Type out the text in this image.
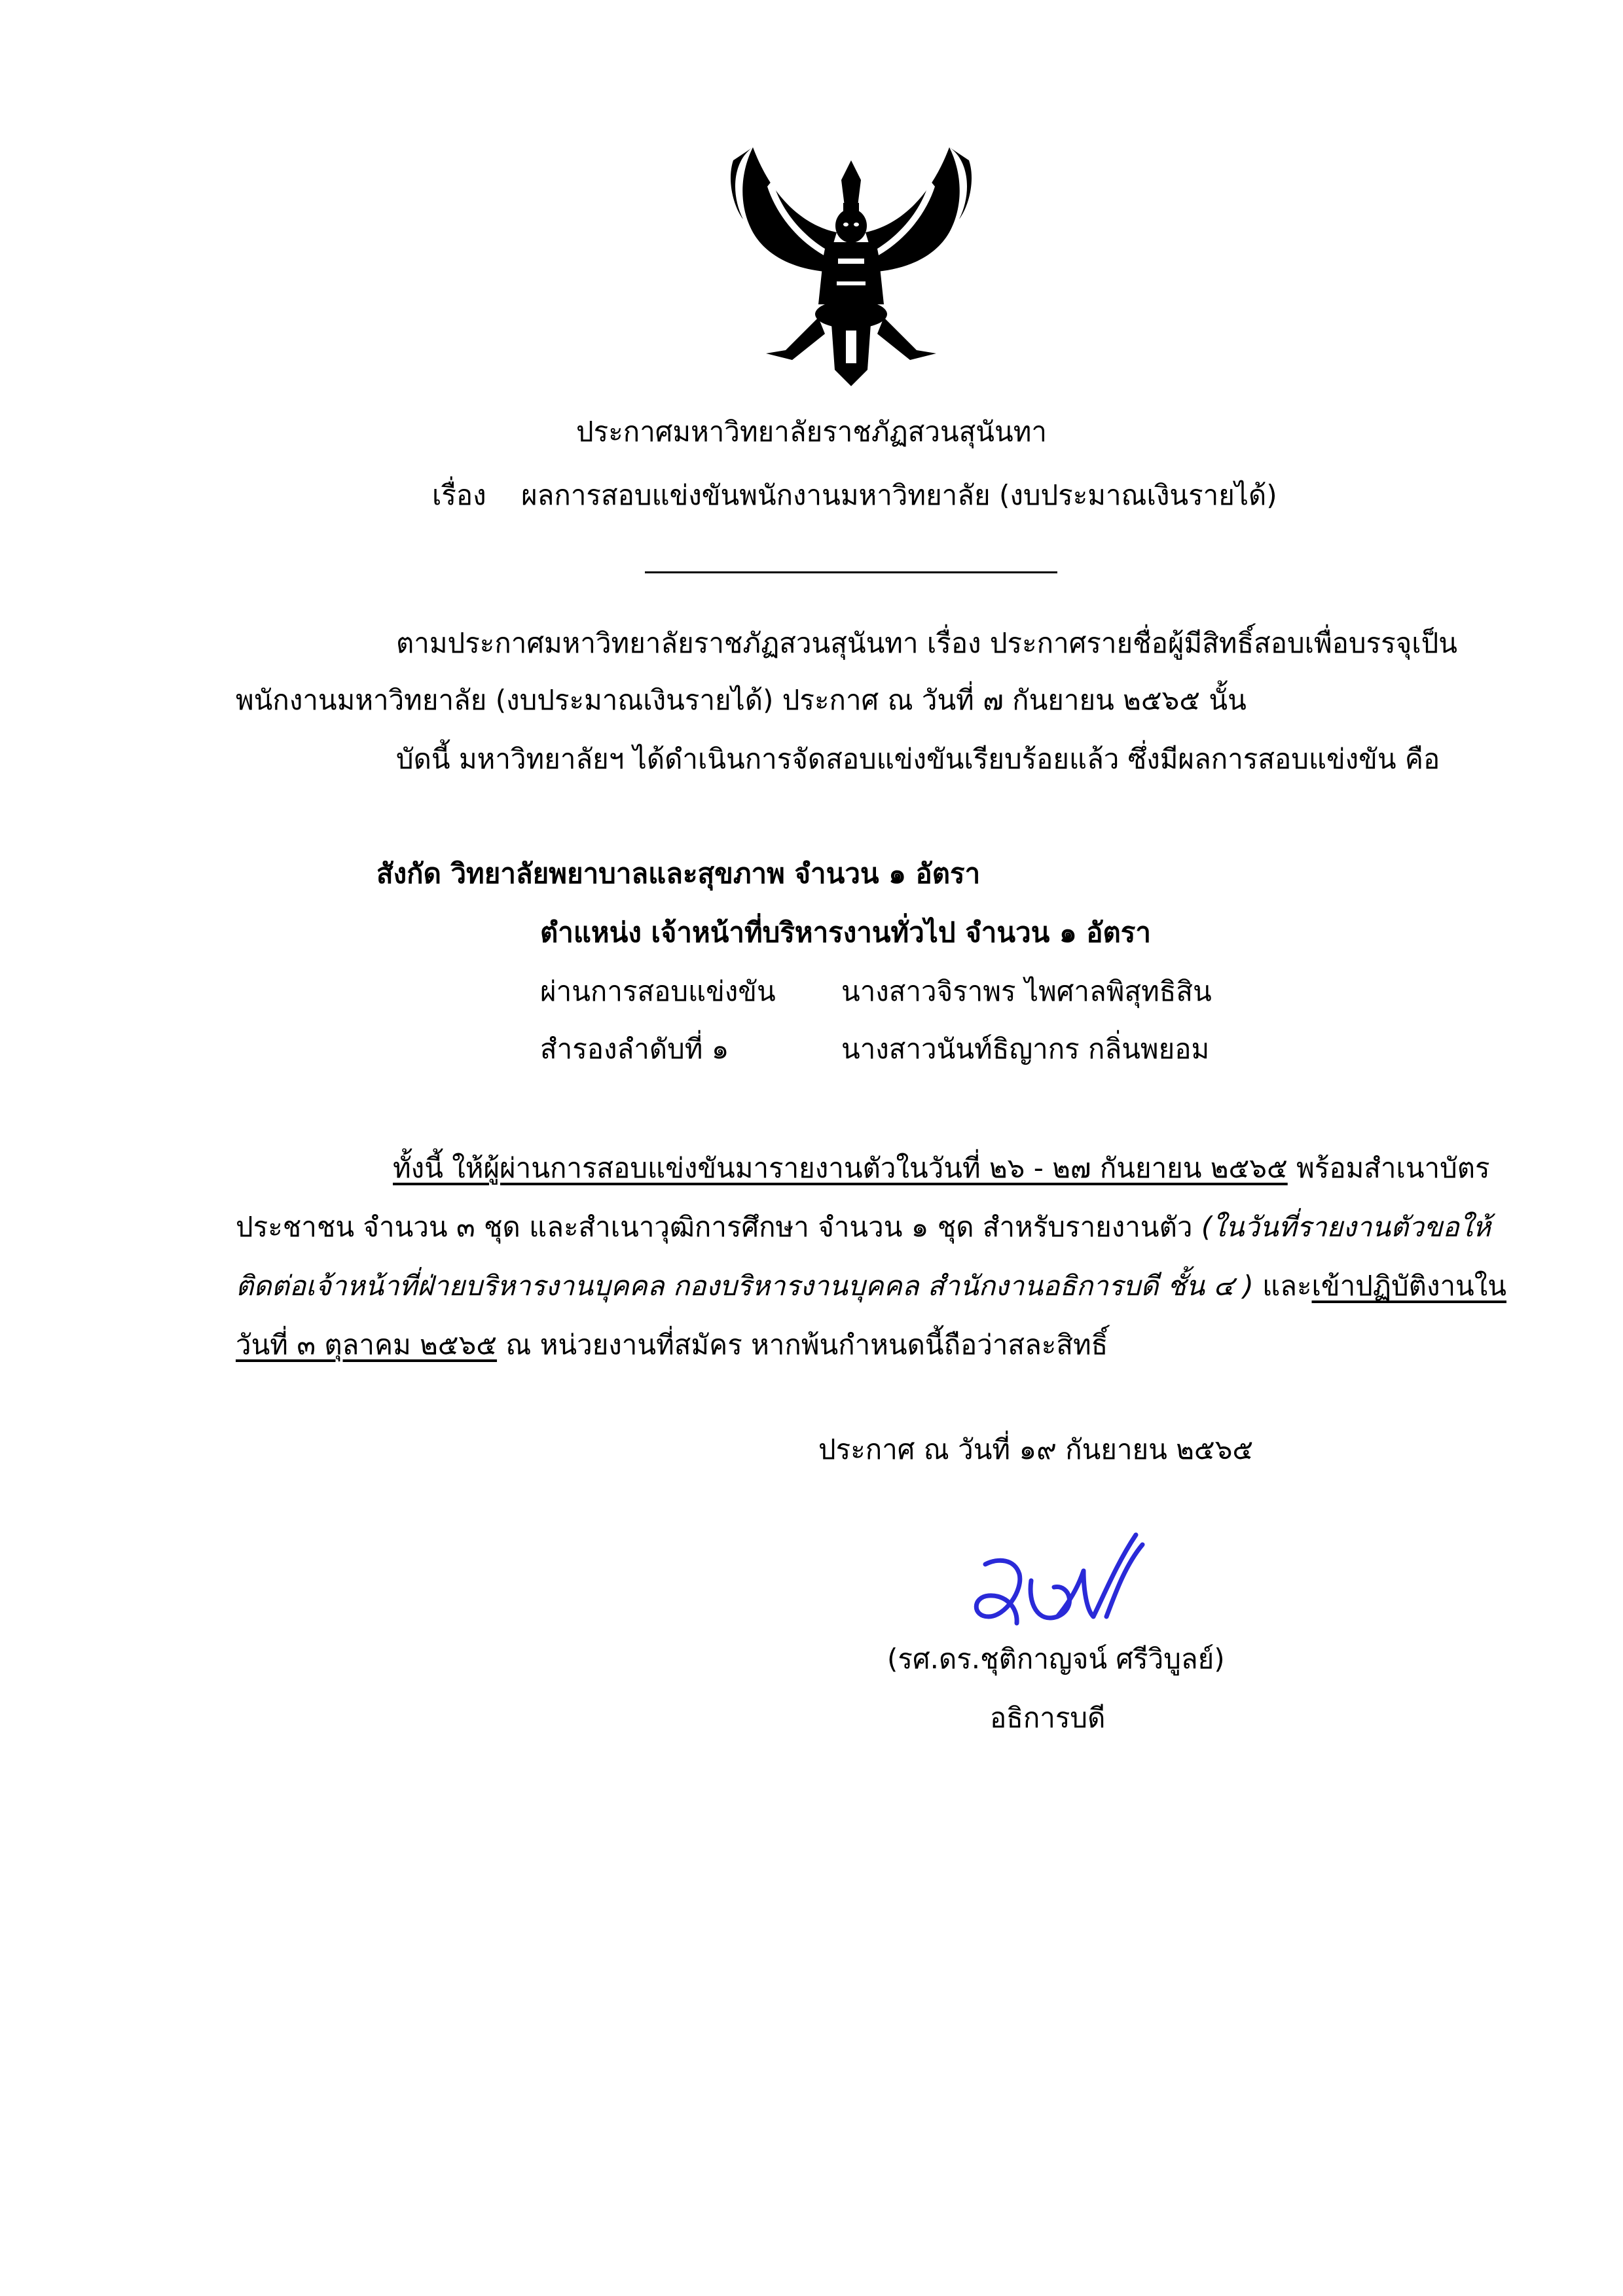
ประกาศมหาวิทยาลัยราชภัฏสวนสุนันทา
เรื่อง ผลการสอบแข่งขันพนักงานมหาวิทยาลัย (งบประมาณเงินรายได้)
ตามประกาศมหาวิทยาลัยราชภัฏสวนสุนันทา เรื่อง ประกาศรายชื่อผู้มีสิทธิ์สอบเพื่อบรรจุเป็น
พนักงานมหาวิทยาลัย (งบประมาณเงินรายได้) ประกาศ ณ วันที่ ๗ กันยายน ๒๕๖๕ นั้น
บัดนี้ มหาวิทยาลัยฯ ได้ดำเนินการจัดสอบแข่งขันเรียบร้อยแล้ว ซึ่งมีผลการสอบแข่งขัน คือ
สังกัด วิทยาลัยพยาบาลและสุขภาพ จำนวน ๑ อัตรา
ตำแหน่ง เจ้าหน้าที่บริหารงานทั่วไป จำนวน ๑ อัตรา
ผ่านการสอบแข่งขัน นางสาวจิราพร ไพศาลพิสุทธิสิน
สำรองลำดับที่ ๑	นางสาวนันท์ธิญากร กลิ่นพยอม
ทั้งนี้ ให้ผู้ผ่านการสอบแข่งขันมารายงานตัวในวันที่ ๒๖ - ๒๗ กันยายน ๒๕๖๕ พร้อมสำเนาบัตร
ประชาชน จำนวน ๓ ชุด และสำเนาวุฒิการศึกษา จำนวน ๑ ชุด สำหรับรายงานตัว (ในวันที่รายงานตัวขอให้
ติดต่อเจ้าหน้าที่ฝ่ายบริหารงานบุคคล กองบริหารงานบุคคล สำนักงานอธิการบดี ชั้น ๔ ) และเข้าปฏิบัติงานใน
วันที่ ๓ ตุลาคม ๒๕๖๕ ณ หน่วยงานที่สมัคร หากพ้นกำหนดนี้ถือว่าสละสิทธิ์
ประกาศ ณ วันที่ ๑๙ กันยายน ๒๕๖๕
(รศ.ดร.ชุติกาญจน์ ศรีวิบูลย์)
อธิการบดี
